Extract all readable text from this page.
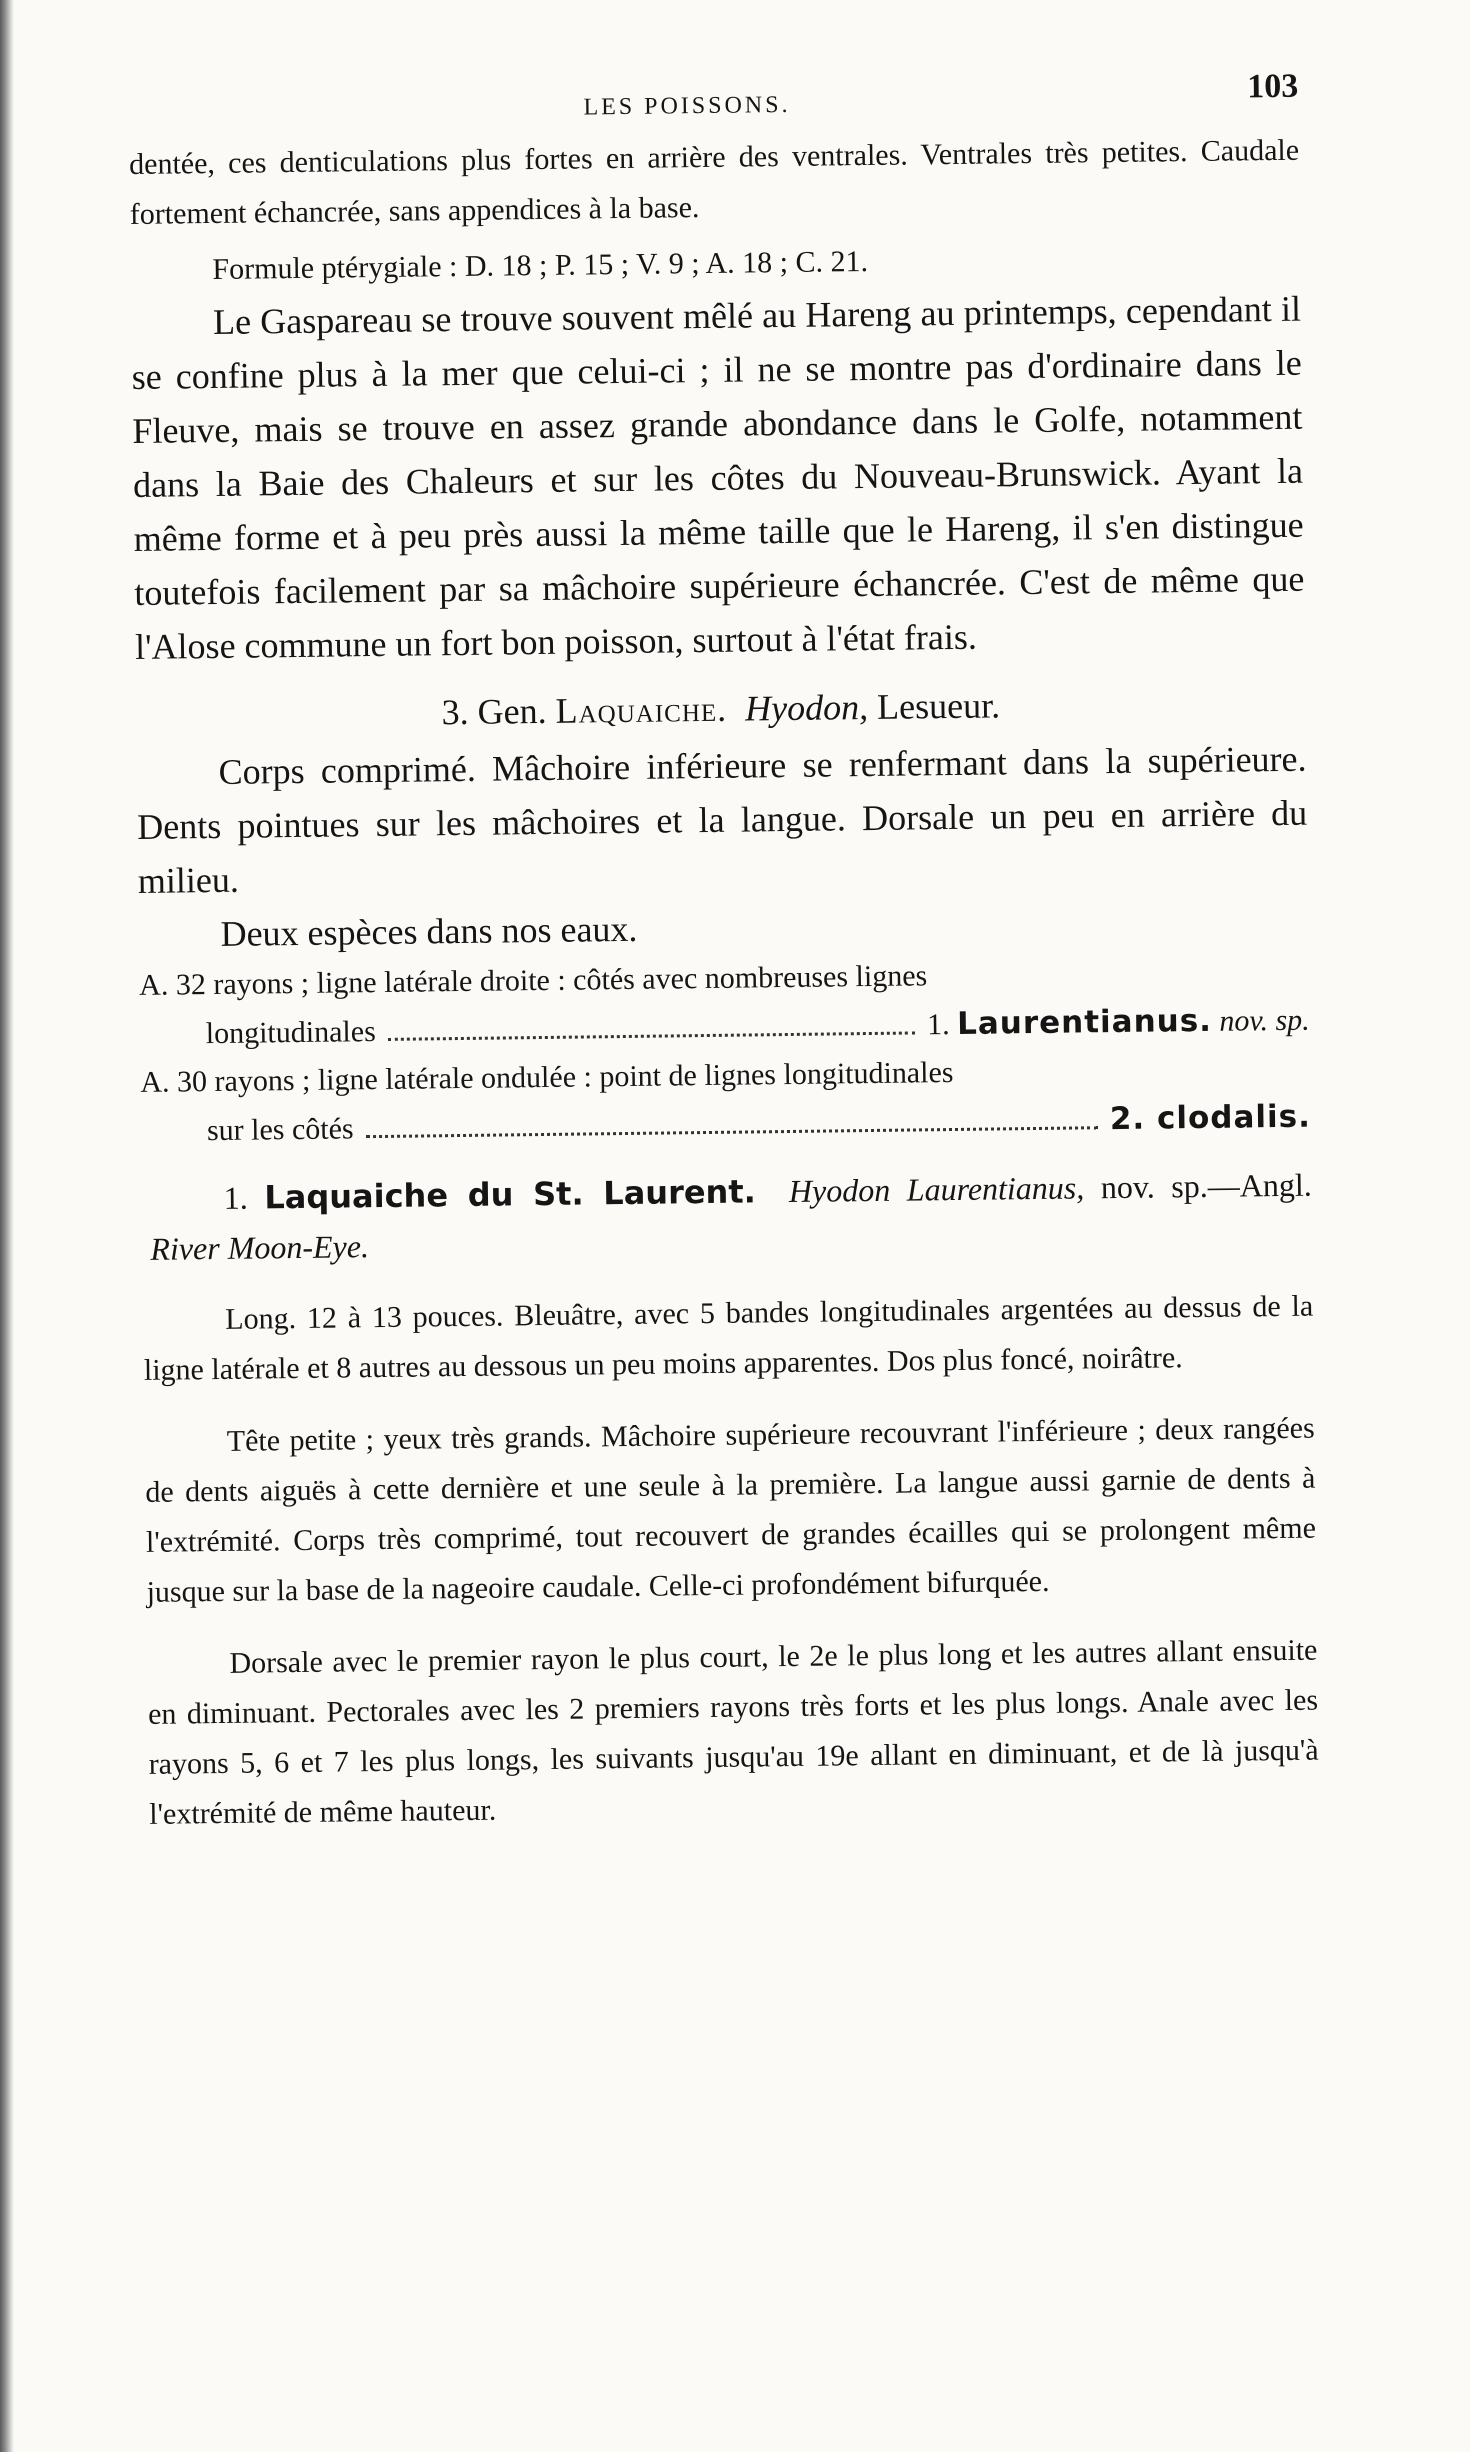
LES POISSONS.
103

dentée, ces denticulations plus fortes en arrière des ventrales. Ventrales très petites. Caudale fortement échancrée, sans appendices à la base.

Formule ptérygiale : D. 18 ; P. 15 ; V. 9 ; A. 18 ; C. 21.

Le Gaspareau se trouve souvent mêlé au Hareng au printemps, cependant il se confine plus à la mer que celui-ci ; il ne se montre pas d'ordinaire dans le Fleuve, mais se trouve en assez grande abondance dans le Golfe, notamment dans la Baie des Chaleurs et sur les côtes du Nouveau-Brunswick. Ayant la même forme et à peu près aussi la même taille que le Hareng, il s'en distingue toutefois facilement par sa mâchoire supérieure échancrée. C'est de même que l'Alose commune un fort bon poisson, surtout à l'état frais.

3. Gen. Laquaiche. Hyodon, Lesueur.

Corps comprimé. Mâchoire inférieure se renfermant dans la supérieure. Dents pointues sur les mâchoires et la langue. Dorsale un peu en arrière du milieu.

Deux espèces dans nos eaux.

A. 32 rayons ; ligne latérale droite : côtés avec nombreuses lignes
longitudinales	1. Laurentianus. nov. sp.
A. 30 rayons ; ligne latérale ondulée : point de lignes longitudinales
sur les côtés	2. clodalis.

1. Laquaiche du St. Laurent. Hyodon Laurentianus, nov. sp.—Angl.  River Moon-Eye.

Long. 12 à 13 pouces. Bleuâtre, avec 5 bandes longitudinales argentées au dessus de la ligne latérale et 8 autres au dessous un peu moins apparentes. Dos plus foncé, noirâtre.

Tête petite ; yeux très grands. Mâchoire supérieure recouvrant l'inférieure ; deux rangées de dents aiguës à cette dernière et une seule à la première. La langue aussi garnie de dents à l'extrémité. Corps très comprimé, tout recouvert de grandes écailles qui se prolongent même jusque sur la base de la nageoire caudale. Celle-ci profondément bifurquée.

Dorsale avec le premier rayon le plus court, le 2e le plus long et les autres allant ensuite en diminuant. Pectorales avec les 2 premiers rayons très forts et les plus longs. Anale avec les rayons 5, 6 et 7 les plus longs, les suivants jusqu'au 19e allant en diminuant, et de là jusqu'à l'extrémité de même hauteur.
